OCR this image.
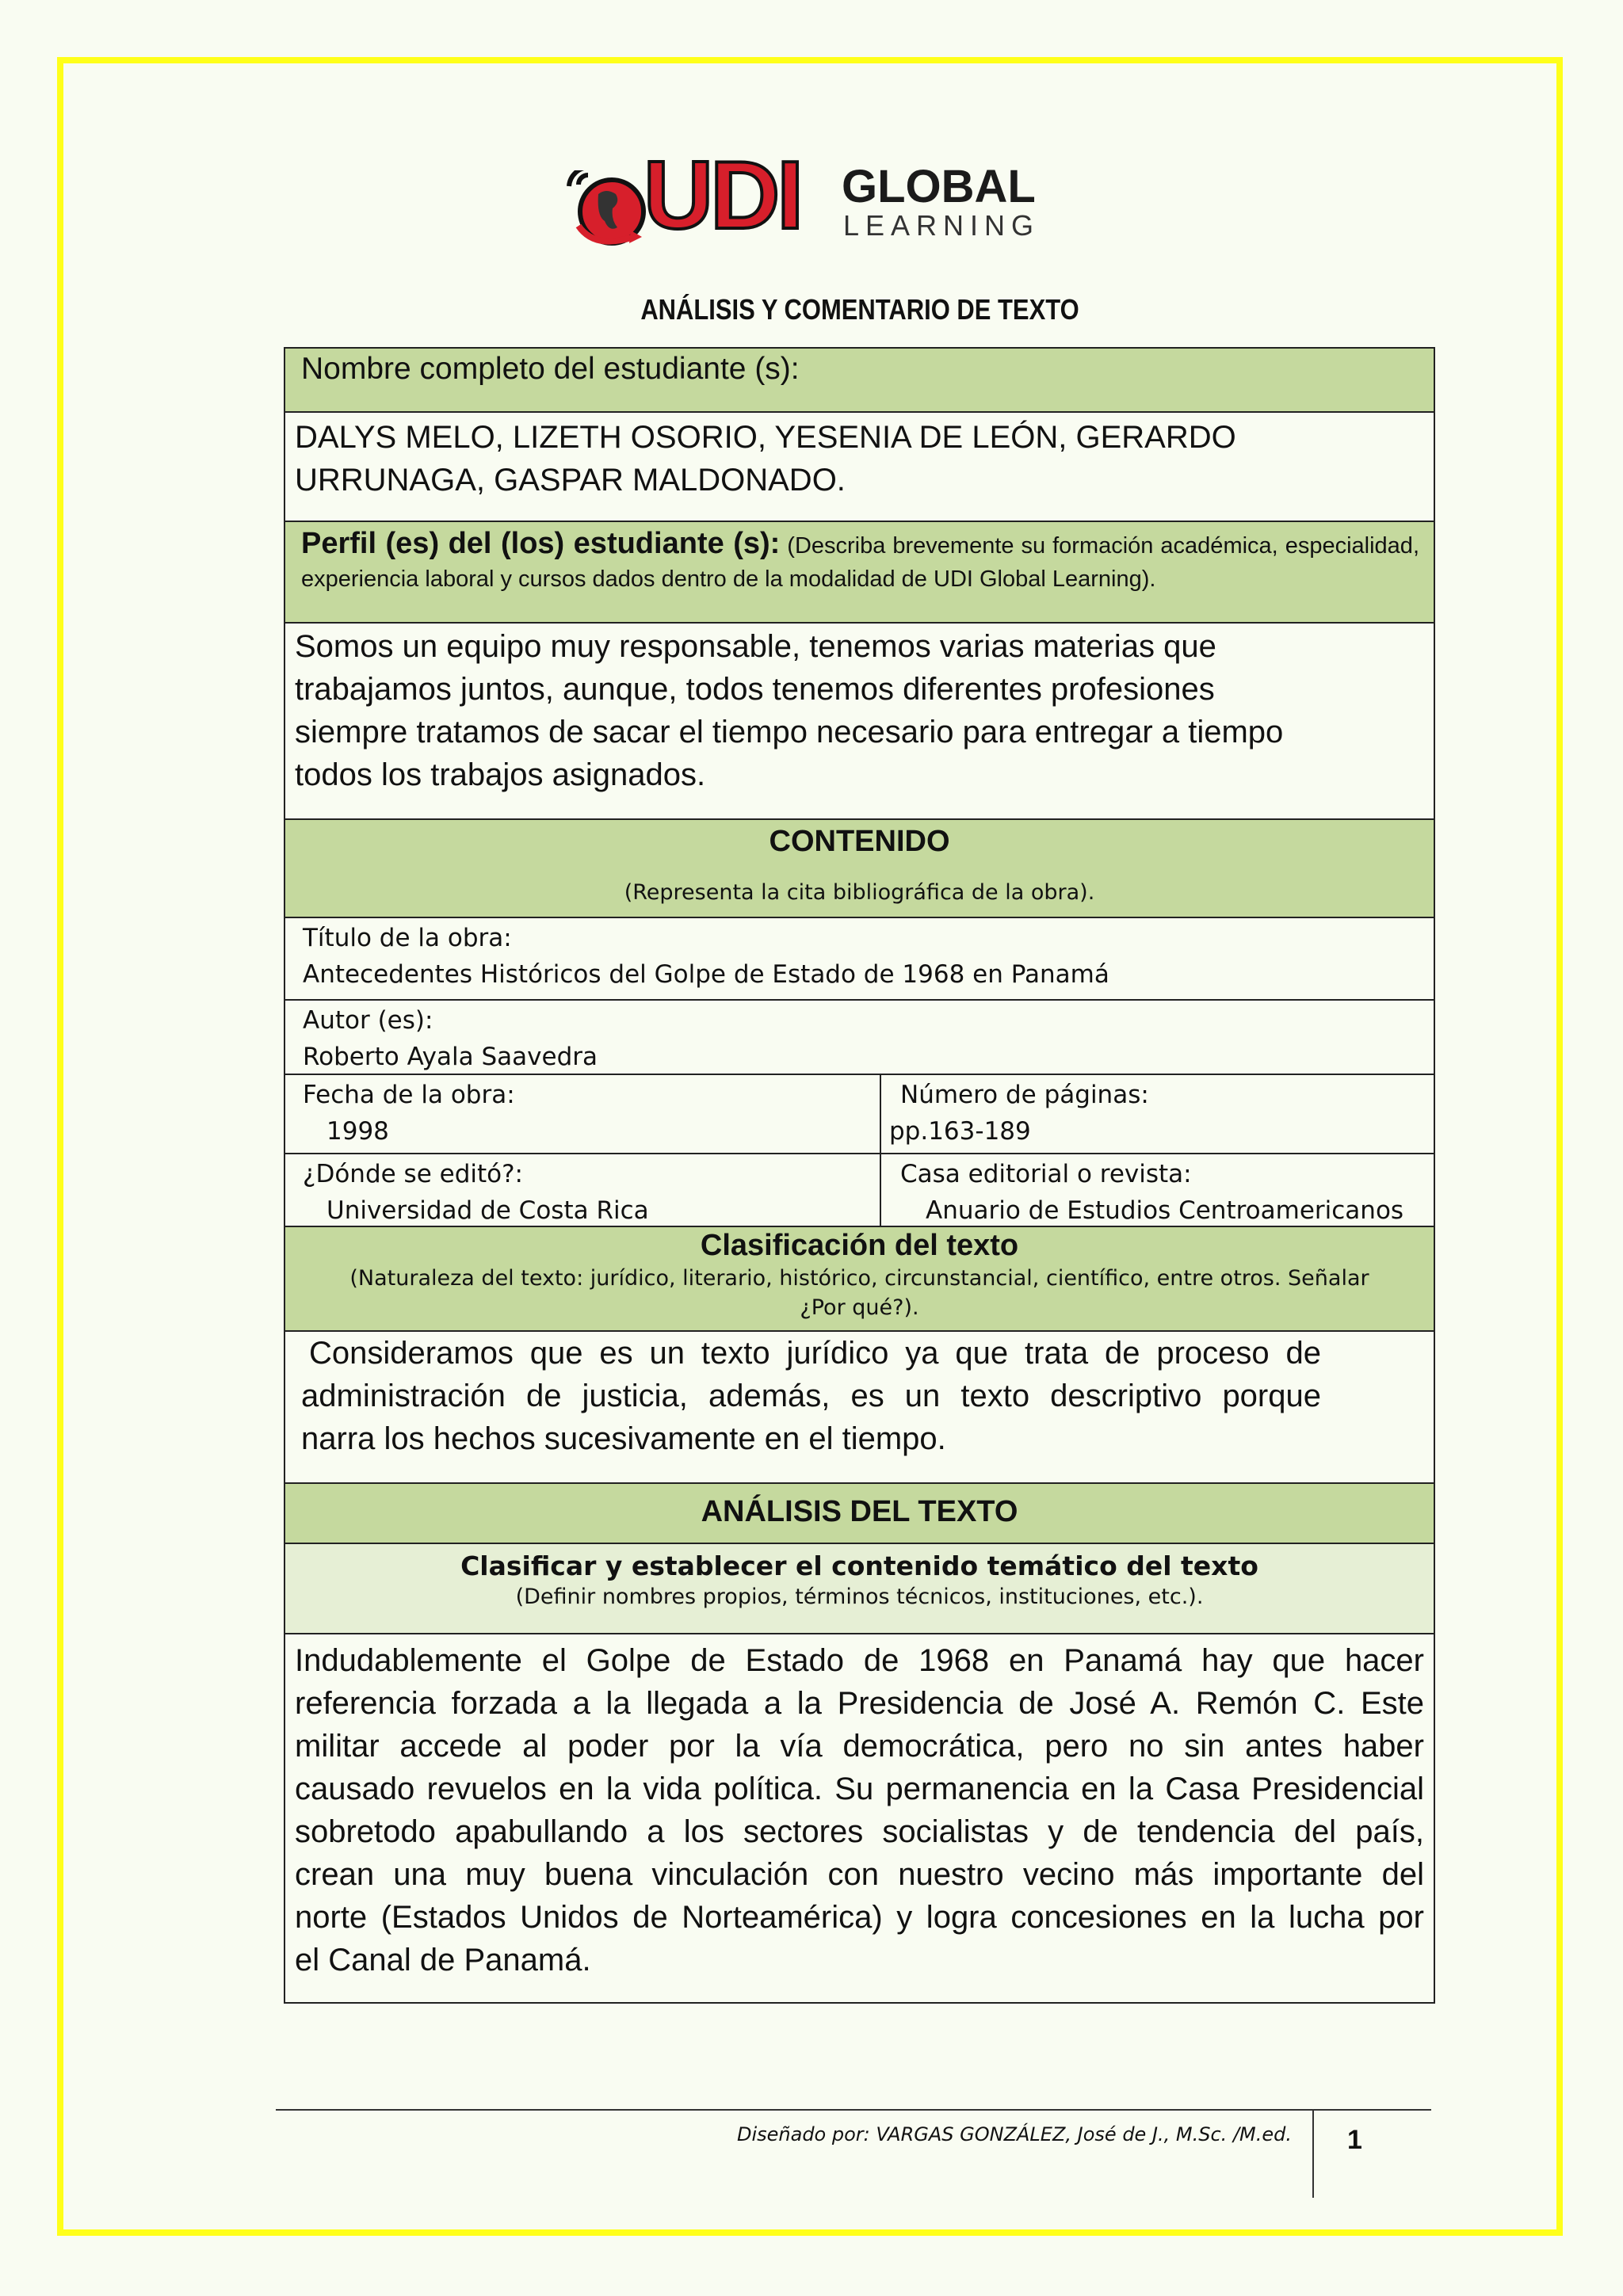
UDI GLOBAL
LEARNING
ANÁLISIS Y COMENTARIO DE TEXTO
Nombre completo del estudiante (s):
DALYS MELO, LIZETH OSORIO, YESENIA DE LEÓN, GERARDO
URRUNAGA, GASPAR MALDONADO.
Perfil (es) del (los) estudiante (s): (Describa brevemente su formación académica, especialidad, experiencia laboral y cursos dados dentro de la modalidad de UDI Global Learning).
Somos un equipo muy responsable, tenemos varias materias que
trabajamos juntos, aunque, todos tenemos diferentes profesiones
siempre tratamos de sacar el tiempo necesario para entregar a tiempo
todos los trabajos asignados.
CONTENIDO
(Representa la cita bibliográfica de la obra).
Título de la obra:
Antecedentes Históricos del Golpe de Estado de 1968 en Panamá
Autor (es):
Roberto Ayala Saavedra
Fecha de la obra:
1998
Número de páginas:
pp.163-189
¿Dónde se editó?:
Universidad de Costa Rica
Casa editorial o revista:
Anuario de Estudios Centroamericanos
Clasificación del texto
(Naturaleza del texto: jurídico, literario, histórico, circunstancial, científico, entre otros. Señalar
¿Por qué?).
Consideramos que es un texto jurídico ya que trata de proceso de
administración de justicia, además, es un texto descriptivo porque
narra los hechos sucesivamente en el tiempo.
ANÁLISIS DEL TEXTO
Clasificar y establecer el contenido temático del texto
(Definir nombres propios, términos técnicos, instituciones, etc.).
Indudablemente el Golpe de Estado de 1968 en Panamá hay que hacer
referencia forzada a la llegada a la Presidencia de José A. Remón C. Este
militar accede al poder por la vía democrática, pero no sin antes haber
causado revuelos en la vida política. Su permanencia en la Casa Presidencial
sobretodo apabullando a los sectores socialistas y de tendencia del país,
crean una muy buena vinculación con nuestro vecino más importante del
norte (Estados Unidos de Norteamérica) y logra concesiones en la lucha por
el Canal de Panamá.
Diseñado por: VARGAS GONZÁLEZ, José de J., M.Sc. /M.ed. 1
